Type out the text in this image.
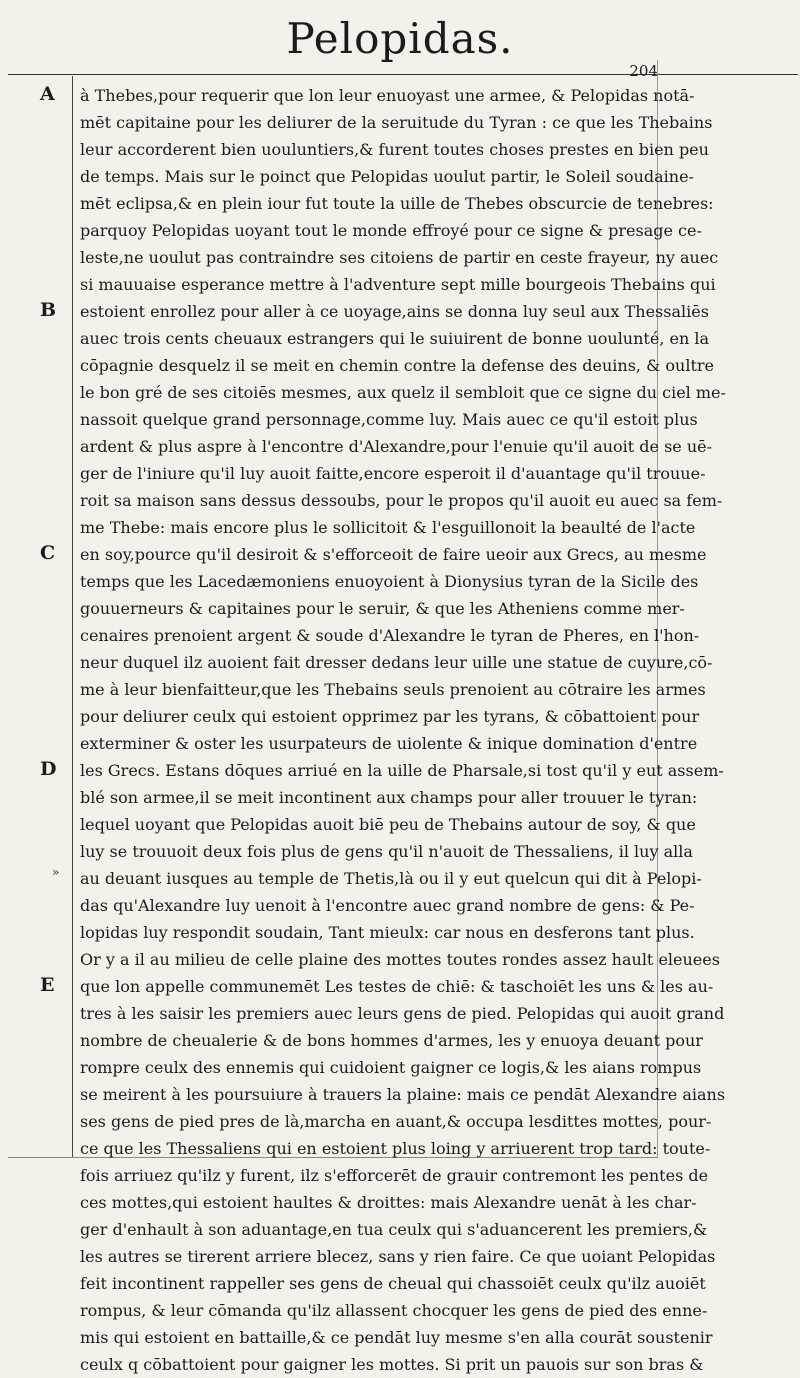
Pelopidas.
204
A
B
C
D
E
»
à Thebes,pour requerir que lon leur enuoyast une armee, & Pelopidas notā-
mēt capitaine pour les deliurer de la seruitude du Tyran : ce que les Thebains
leur accorderent bien uouluntiers,& furent toutes choses prestes en bien peu
de temps. Mais sur le poinct que Pelopidas uoulut partir, le Soleil soudaine-
mēt eclipsa,& en plein iour fut toute la uille de Thebes obscurcie de tenebres:
parquoy Pelopidas uoyant tout le monde effroyé pour ce signe & presage ce-
leste,ne uoulut pas contraindre ses citoiens de partir en ceste frayeur, ny auec
si mauuaise esperance mettre à l'adventure sept mille bourgeois Thebains qui
estoient enrollez pour aller à ce uoyage,ains se donna luy seul aux Thessaliēs
auec trois cents cheuaux estrangers qui le suiuirent de bonne uoulunté, en la
cōpagnie desquelz il se meit en chemin contre la defense des deuins, & oultre
le bon gré de ses citoiēs mesmes, aux quelz il sembloit que ce signe du ciel me-
nassoit quelque grand personnage,comme luy. Mais auec ce qu'il estoit plus
ardent & plus aspre à l'encontre d'Alexandre,pour l'enuie qu'il auoit de se uē-
ger de l'iniure qu'il luy auoit faitte,encore esperoit il d'auantage qu'il trouue-
roit sa maison sans dessus dessoubs, pour le propos qu'il auoit eu auec sa fem-
me Thebe: mais encore plus le sollicitoit & l'esguillonoit la beaulté de l'acte
en soy,pource qu'il desiroit & s'efforceoit de faire ueoir aux Grecs, au mesme
temps que les Lacedæmoniens enuoyoient à Dionysius tyran de la Sicile des
gouuerneurs & capitaines pour le seruir, & que les Atheniens comme mer-
cenaires prenoient argent & soude d'Alexandre le tyran de Pheres, en l'hon-
neur duquel ilz auoient fait dresser dedans leur uille une statue de cuyure,cō-
me à leur bienfaitteur,que les Thebains seuls prenoient au cōtraire les armes
pour deliurer ceulx qui estoient opprimez par les tyrans, & cōbattoient pour
exterminer & oster les usurpateurs de uiolente & inique domination d'entre
les Grecs. Estans dōques arriué en la uille de Pharsale,si tost qu'il y eut assem-
blé son armee,il se meit incontinent aux champs pour aller trouuer le tyran:
lequel uoyant que Pelopidas auoit biē peu de Thebains autour de soy, & que
luy se trouuoit deux fois plus de gens qu'il n'auoit de Thessaliens, il luy alla
au deuant iusques au temple de Thetis,là ou il y eut quelcun qui dit à Pelopi-
das qu'Alexandre luy uenoit à l'encontre auec grand nombre de gens: & Pe-
lopidas luy respondit soudain, Tant mieulx: car nous en desferons tant plus.
Or y a il au milieu de celle plaine des mottes toutes rondes assez hault eleuees
que lon appelle communemēt Les testes de chiē: & taschoiēt les uns & les au-
tres à les saisir les premiers auec leurs gens de pied. Pelopidas qui auoit grand
nombre de cheualerie & de bons hommes d'armes, les y enuoya deuant pour
rompre ceulx des ennemis qui cuidoient gaigner ce logis,& les aians rompus
se meirent à les poursuiure à trauers la plaine: mais ce pendāt Alexandre aians
ses gens de pied pres de là,marcha en auant,& occupa lesdittes mottes, pour-
ce que les Thessaliens qui en estoient plus loing y arriuerent trop tard: toute-
fois arriuez qu'ilz y furent, ilz s'efforcerēt de grauir contremont les pentes de
ces mottes,qui estoient haultes & droittes: mais Alexandre uenāt à les char-
ger d'enhault à son aduantage,en tua ceulx qui s'aduancerent les premiers,&
les autres se tirerent arriere blecez, sans y rien faire. Ce que uoiant Pelopidas
feit incontinent rappeller ses gens de cheual qui chassoiēt ceulx qu'ilz auoiēt
rompus, & leur cōmanda qu'ilz allassent chocquer les gens de pied des enne-
mis qui estoient en battaille,& ce pendāt luy mesme s'en alla courāt soustenir
ceulx q cōbattoient pour gaigner les mottes. Si prit un pauois sur son bras &
